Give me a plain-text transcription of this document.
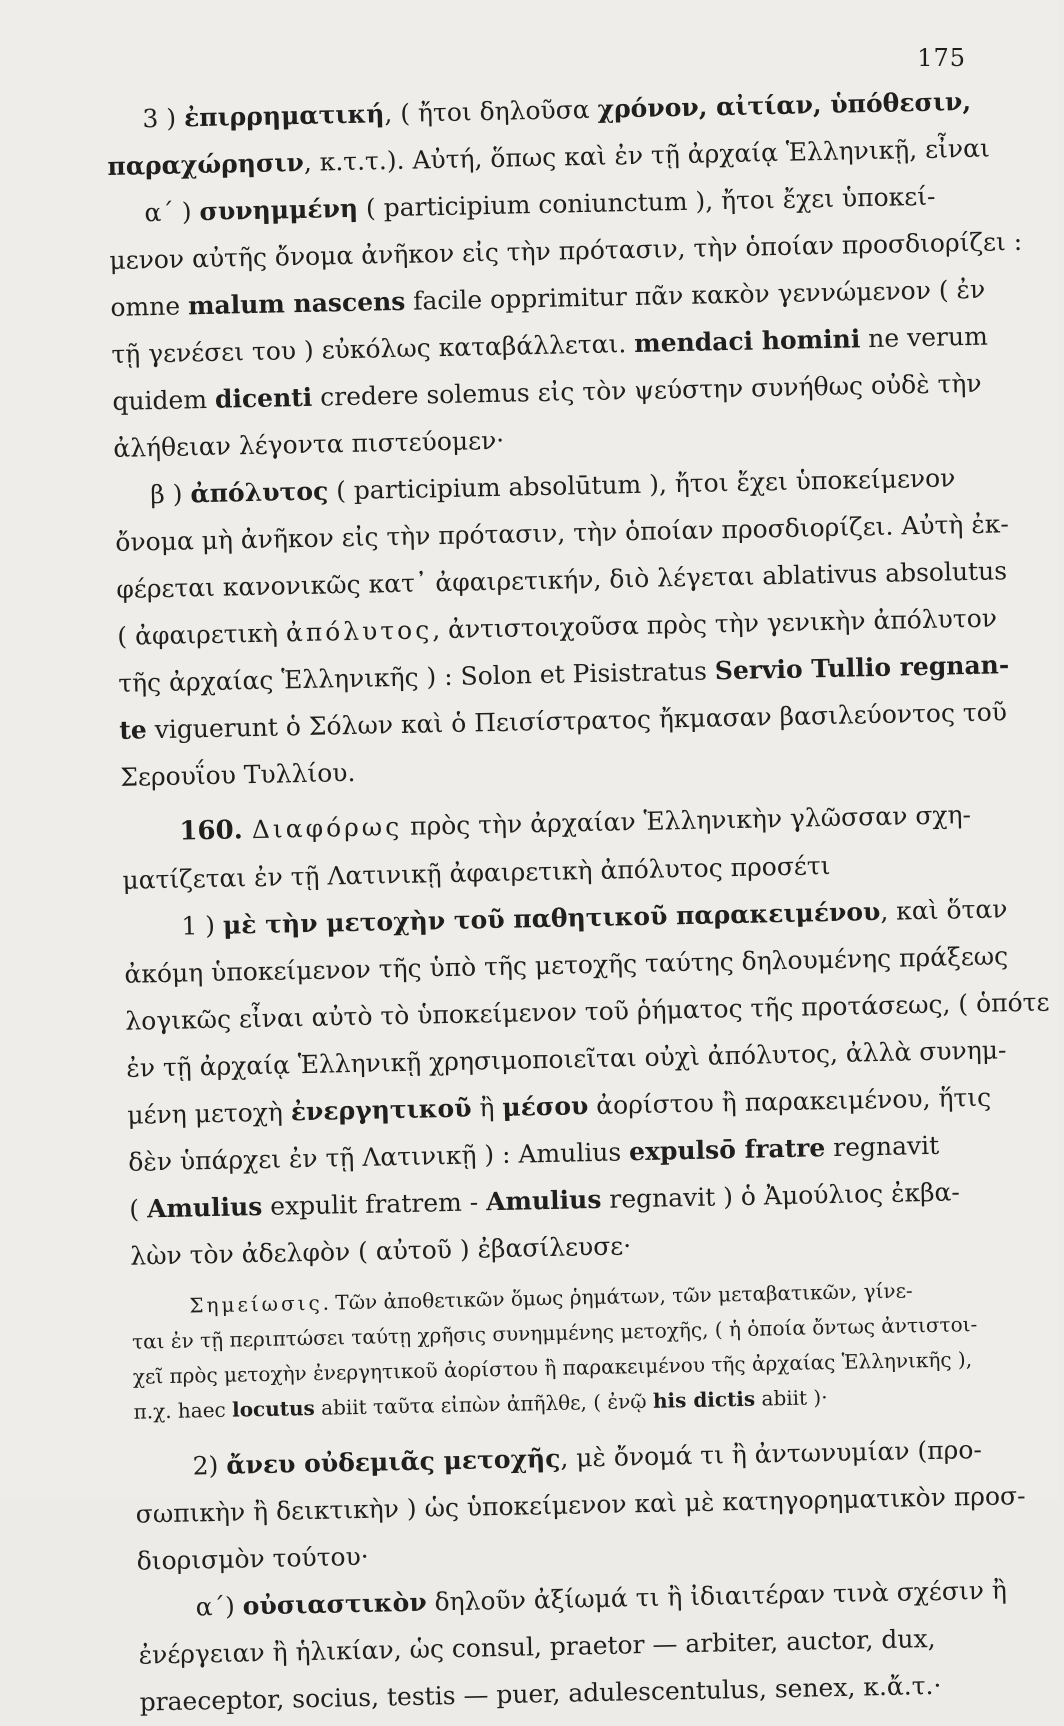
175
3 ) ἐπιρρηματική, ( ἤτοι δηλοῦσα χρόνον, αἰτίαν, ὑπόθεσιν,
παραχώρησιν, κ.τ.τ.). Αὐτή, ὅπως καὶ ἐν τῇ ἀρχαίᾳ Ἑλληνικῇ, εἶναι
α´ ) συνημμένη ( participium coniunctum ), ἤτοι ἔχει ὑποκεί-
μενον αὐτῆς ὄνομα ἀνῆκον εἰς τὴν πρότασιν, τὴν ὁποίαν προσδιορίζει :
omne malum nascens facile opprimitur πᾶν κακὸν γεννώμενον ( ἐν
τῇ γενέσει του ) εὐκόλως καταβάλλεται. mendaci homini ne verum
quidem dicenti credere solemus εἰς τὸν ψεύστην συνήθως οὐδὲ τὴν
ἀλήθειαν λέγοντα πιστεύομεν·
β ) ἀπόλυτος ( participium absolūtum ), ἤτοι ἔχει ὑποκείμενον
ὄνομα μὴ ἀνῆκον εἰς τὴν πρότασιν, τὴν ὁποίαν προσδιορίζει. Αὐτὴ ἐκ-
φέρεται κανονικῶς κατ᾽ ἀφαιρετικήν, διὸ λέγεται ablativus absolutus
( ἀφαιρετικὴ ἀπόλυτος, ἀντιστοιχοῦσα πρὸς τὴν γενικὴν ἀπόλυτον
τῆς ἀρχαίας Ἑλληνικῆς ) : Solon et Pisistratus Servio Tullio regnan-
te viguerunt ὁ Σόλων καὶ ὁ Πεισίστρατος ἤκμασαν βασιλεύοντος τοῦ
Σερουΐου Τυλλίου.
160. Διαφόρως πρὸς τὴν ἀρχαίαν Ἑλληνικὴν γλῶσσαν σχη-
ματίζεται ἐν τῇ Λατινικῇ ἀφαιρετικὴ ἀπόλυτος προσέτι
1 ) μὲ τὴν μετοχὴν τοῦ παθητικοῦ παρακειμένου, καὶ ὅταν
ἀκόμη ὑποκείμενον τῆς ὑπὸ τῆς μετοχῆς ταύτης δηλουμένης πράξεως
λογικῶς εἶναι αὐτὸ τὸ ὑποκείμενον τοῦ ῥήματος τῆς προτάσεως, ( ὁπότε
ἐν τῇ ἀρχαίᾳ Ἑλληνικῇ χρησιμοποιεῖται οὐχὶ ἀπόλυτος, ἀλλὰ συνημ-
μένη μετοχὴ ἐνεργητικοῦ ἢ μέσου ἀορίστου ἢ παρακειμένου, ἥτις
δὲν ὑπάρχει ἐν τῇ Λατινικῇ ) : Amulius expulsō fratre regnavit
( Amulius expulit fratrem - Amulius regnavit ) ὁ Ἀμούλιος ἐκβα-
λὼν τὸν ἀδελφὸν ( αὐτοῦ ) ἐβασίλευσε·
Σημείωσις. Τῶν ἀποθετικῶν ὅμως ῥημάτων, τῶν μεταβατικῶν, γίνε-
ται ἐν τῇ περιπτώσει ταύτῃ χρῆσις συνημμένης μετοχῆς, ( ἡ ὁποία ὄντως ἀντιστοι-
χεῖ πρὸς μετοχὴν ἐνεργητικοῦ ἀορίστου ἢ παρακειμένου τῆς ἀρχαίας Ἑλληνικῆς ),
π.χ. haec locutus abiit ταῦτα εἰπὼν ἀπῆλθε, ( ἐνῷ his dictis abiit )·
2) ἄνευ οὐδεμιᾶς μετοχῆς, μὲ ὄνομά τι ἢ ἀντωνυμίαν (προ-
σωπικὴν ἢ δεικτικὴν ) ὡς ὑποκείμενον καὶ μὲ κατηγορηματικὸν προσ-
διορισμὸν τούτου·
α´) οὐσιαστικὸν δηλοῦν ἀξίωμά τι ἢ ἰδιαιτέραν τινὰ σχέσιν ἢ
ἐνέργειαν ἢ ἡλικίαν, ὡς consul, praetor — arbiter, auctor, dux,
praeceptor, socius, testis — puer, adulescentulus, senex, κ.ἄ.τ.·
